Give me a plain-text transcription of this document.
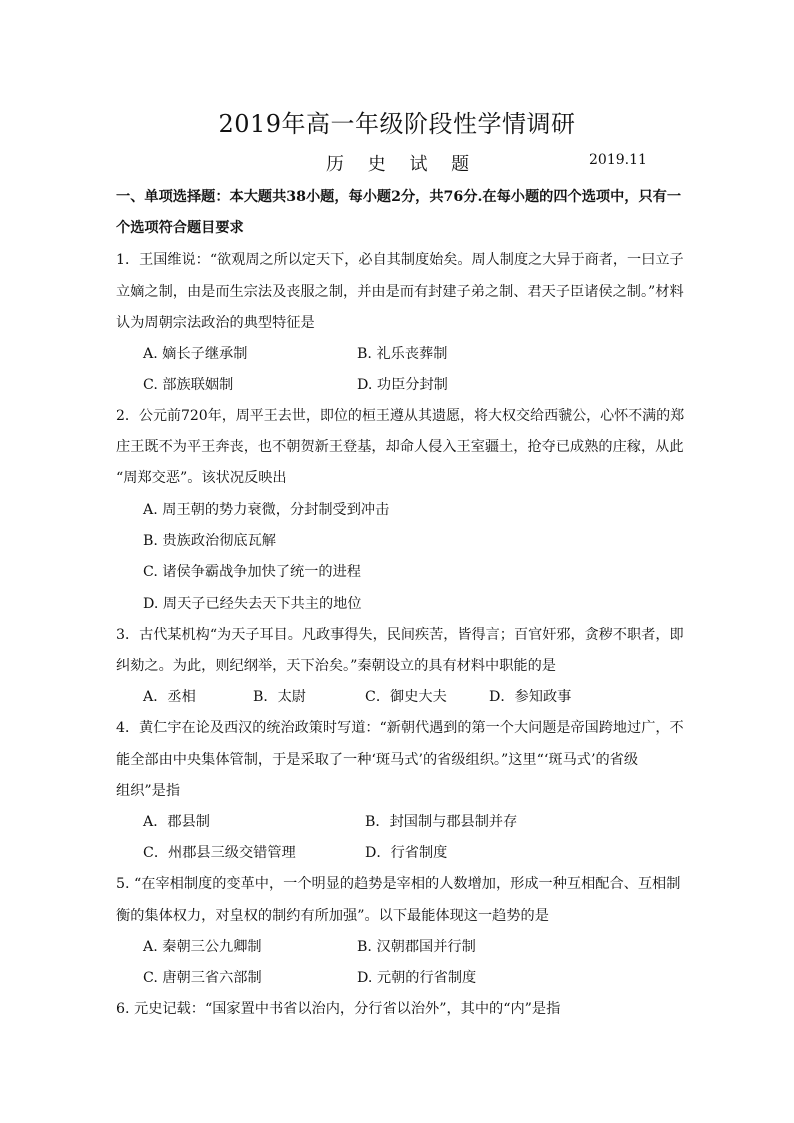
2019年高一年级阶段性学情调研
历 史 试 题	2019.11
一、单项选择题：本大题共38小题，每小题2分，共76分.在每小题的四个选项中，只有一
个选项符合题目要求
1．王国维说：“欲观周之所以定天下，必自其制度始矣。周人制度之大异于商者，一曰立子
立嫡之制，由是而生宗法及丧服之制，并由是而有封建子弟之制、君天子臣诸侯之制。”材料
认为周朝宗法政治的典型特征是
A. 嫡长子继承制	B. 礼乐丧葬制
C. 部族联姻制	D. 功臣分封制
2．公元前720年，周平王去世，即位的桓王遵从其遗愿，将大权交给西虢公，心怀不满的郑
庄王既不为平王奔丧，也不朝贺新王登基，却命人侵入王室疆土，抢夺已成熟的庄稼，从此
“周郑交恶”。该状况反映出
A. 周王朝的势力衰微，分封制受到冲击
B. 贵族政治彻底瓦解
C. 诸侯争霸战争加快了统一的进程
D. 周天子已经失去天下共主的地位
3．古代某机构“为天子耳目。凡政事得失，民间疾苦，皆得言；百官奸邪，贪秽不职者，即
纠劾之。为此，则纪纲举，天下治矣。”秦朝设立的具有材料中职能的是
A．丞相	B．太尉	C．御史大夫	D．参知政事
4．黄仁宇在论及西汉的统治政策时写道：“新朝代遇到的第一个大问题是帝国跨地过广，不
能全部由中央集体管制，于是采取了一种‘斑马式’的省级组织。”这里“‘斑马式’的省级
组织”是指
A．郡县制	B．封国制与郡县制并存
C．州郡县三级交错管理	D．行省制度
5. “在宰相制度的变革中，一个明显的趋势是宰相的人数增加，形成一种互相配合、互相制
衡的集体权力，对皇权的制约有所加强”。以下最能体现这一趋势的是
A. 秦朝三公九卿制	B. 汉朝郡国并行制
C. 唐朝三省六部制	D. 元朝的行省制度
6. 元史记载：“国家置中书省以治内，分行省以治外”，其中的“内”是指
